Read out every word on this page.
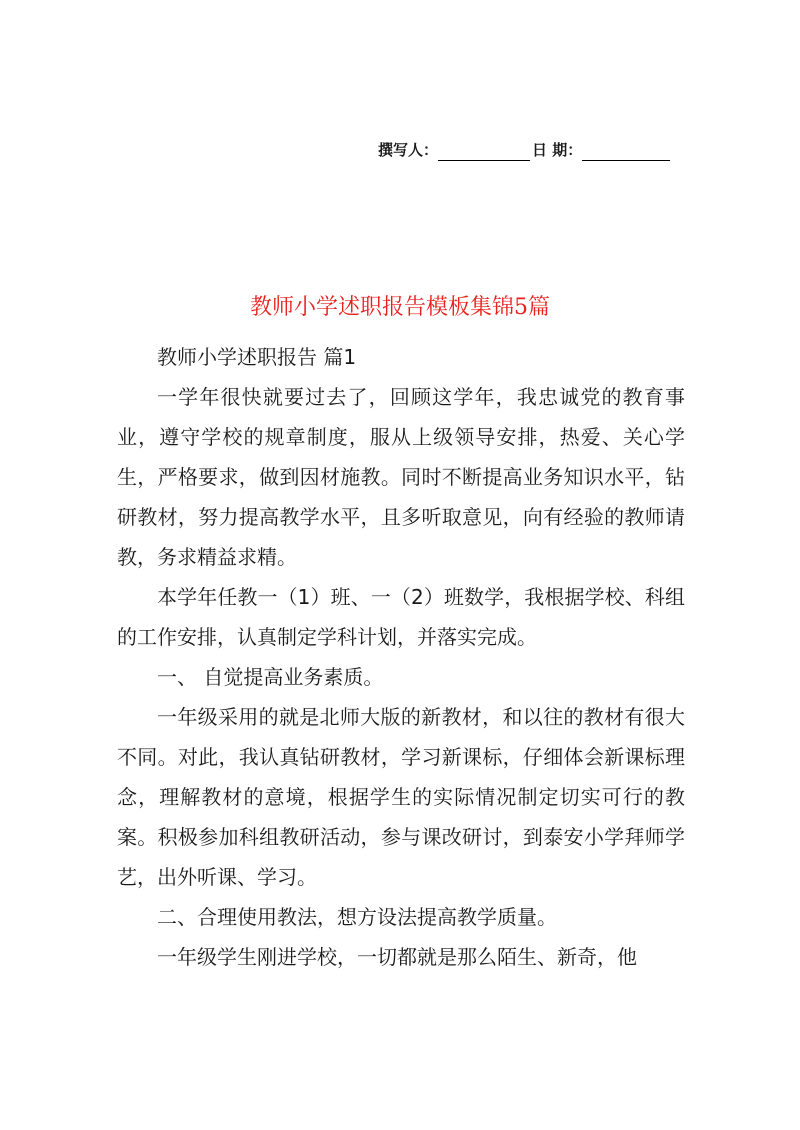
撰写人：	日 期：
教师小学述职报告模板集锦5篇

教师小学述职报告 篇1

一学年很快就要过去了，回顾这学年，我忠诚党的教育事业，遵守学校的规章制度，服从上级领导安排，热爱、关心学生，严格要求，做到因材施教。同时不断提高业务知识水平，钻研教材，努力提高教学水平，且多听取意见，向有经验的教师请教，务求精益求精。

本学年任教一（1）班、一（2）班数学，我根据学校、科组的工作安排，认真制定学科计划，并落实完成。

一、 自觉提高业务素质。

一年级采用的就是北师大版的新教材，和以往的教材有很大不同。对此，我认真钻研教材，学习新课标，仔细体会新课标理念，理解教材的意境，根据学生的实际情况制定切实可行的教案。积极参加科组教研活动，参与课改研讨，到泰安小学拜师学艺，出外听课、学习。

二、合理使用教法，想方设法提高教学质量。

一年级学生刚进学校，一切都就是那么陌生、新奇，他
